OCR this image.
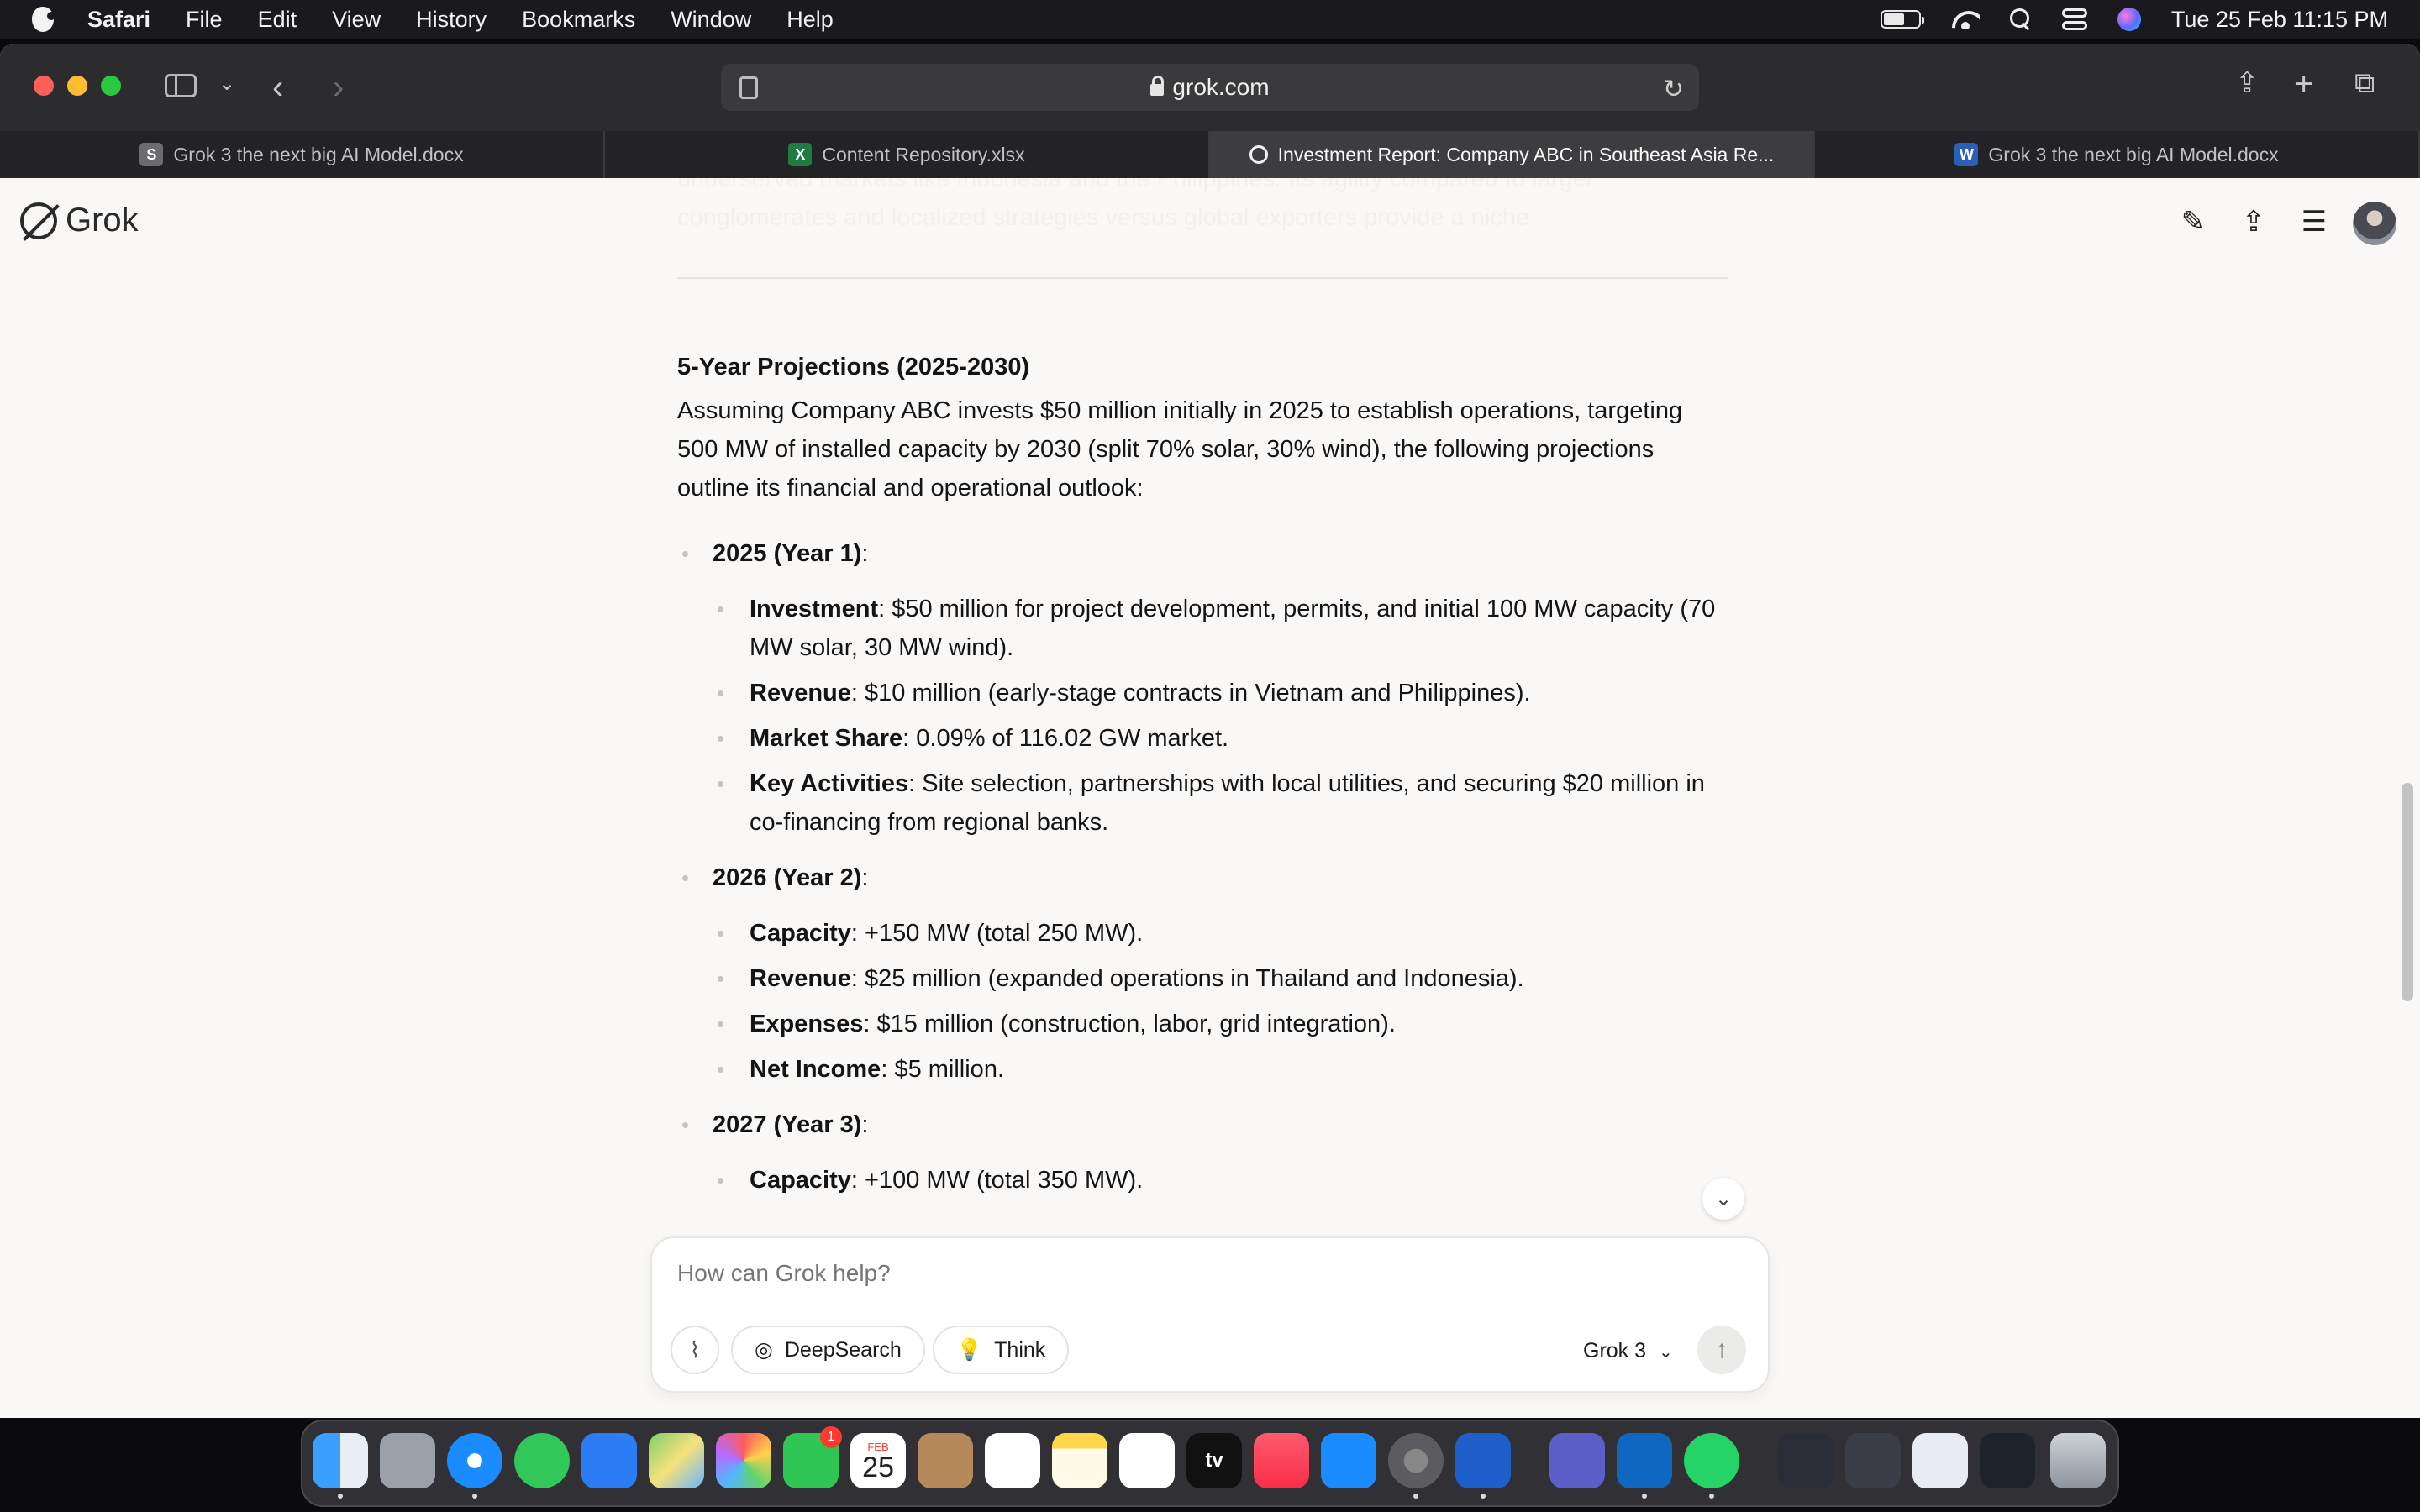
Safari File Edit View History Bookmarks Window Help	Tue 25 Feb 11:15 PM
⌄ ‹ ›	grok.com	↻	⇪ + ⧉
S Grok 3 the next big AI Model.docx	X Content Repository.xlsx	Investment Report: Company ABC in Southeast Asia Re...	W Grok 3 the next big AI Model.docx

5-Year Projections (2025-2030)

Assuming Company ABC invests $50 million initially in 2025 to establish operations, targeting 500 MW of installed capacity by 2030 (split 70% solar, 30% wind), the following projections outline its financial and operational outlook:

2025 (Year 1):
Investment: $50 million for project development, permits, and initial 100 MW capacity (70 MW solar, 30 MW wind).
Revenue: $10 million (early-stage contracts in Vietnam and Philippines).
Market Share: 0.09% of 116.02 GW market.
Key Activities: Site selection, partnerships with local utilities, and securing $20 million in co-financing from regional banks.
2026 (Year 2):
Capacity: +150 MW (total 250 MW).
Revenue: $25 million (expanded operations in Thailand and Indonesia).
Expenses: $15 million (construction, labor, grid integration).
Net Income: $5 million.
2027 (Year 3):
Capacity: +100 MW (total 350 MW).
Grok	✎ ⇪ ☰
⌄
How can Grok help?
⌇	◎ DeepSearch	💡 Think	Grok 3 ⌄ ↑
1
FEB
25	tv
